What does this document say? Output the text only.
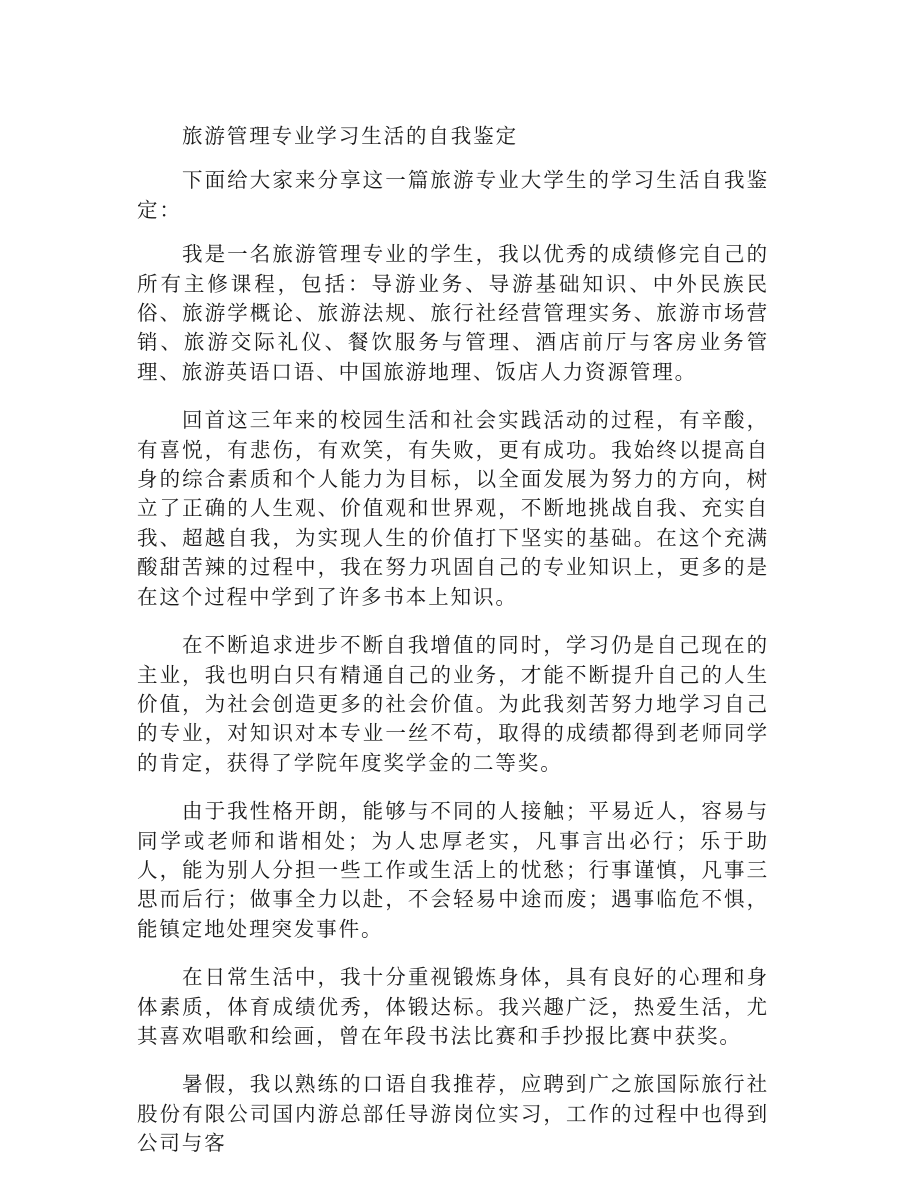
旅游管理专业学习生活的自我鉴定

下面给大家来分享这一篇旅游专业大学生的学习生活自我鉴定：

我是一名旅游管理专业的学生，我以优秀的成绩修完自己的所有主修课程，包括：导游业务、导游基础知识、中外民族民俗、旅游学概论、旅游法规、旅行社经营管理实务、旅游市场营销、旅游交际礼仪、餐饮服务与管理、酒店前厅与客房业务管理、旅游英语口语、中国旅游地理、饭店人力资源管理。

回首这三年来的校园生活和社会实践活动的过程，有辛酸，有喜悦，有悲伤，有欢笑，有失败，更有成功。我始终以提高自身的综合素质和个人能力为目标，以全面发展为努力的方向，树立了正确的人生观、价值观和世界观，不断地挑战自我、充实自我、超越自我，为实现人生的价值打下坚实的基础。在这个充满酸甜苦辣的过程中，我在努力巩固自己的专业知识上，更多的是在这个过程中学到了许多书本上知识。

在不断追求进步不断自我增值的同时，学习仍是自己现在的主业，我也明白只有精通自己的业务，才能不断提升自己的人生价值，为社会创造更多的社会价值。为此我刻苦努力地学习自己的专业，对知识对本专业一丝不苟，取得的成绩都得到老师同学的肯定，获得了学院年度奖学金的二等奖。

由于我性格开朗，能够与不同的人接触；平易近人，容易与同学或老师和谐相处；为人忠厚老实，凡事言出必行；乐于助人，能为别人分担一些工作或生活上的忧愁；行事谨慎，凡事三思而后行；做事全力以赴，不会轻易中途而废；遇事临危不惧，能镇定地处理突发事件。

在日常生活中，我十分重视锻炼身体，具有良好的心理和身体素质，体育成绩优秀，体锻达标。我兴趣广泛，热爱生活，尤其喜欢唱歌和绘画，曾在年段书法比赛和手抄报比赛中获奖。

暑假，我以熟练的口语自我推荐，应聘到广之旅国际旅行社股份有限公司国内游总部任导游岗位实习，工作的过程中也得到公司与客
